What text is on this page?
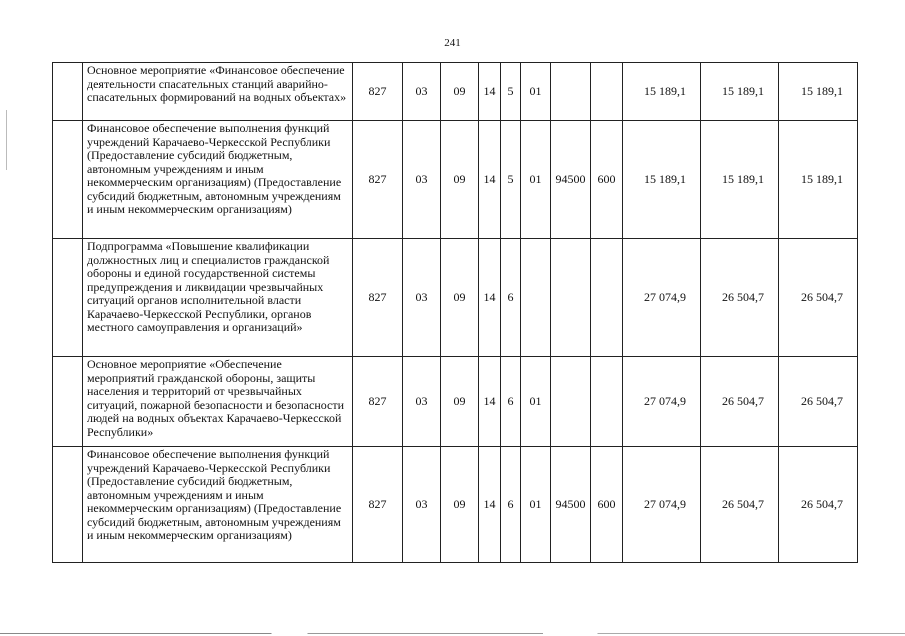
241
	Основное мероприятие «Финансовое обеспечение деятельности спасательных станций аварийно-спасательных формирований на водных объектах»	827	03	09	14	5	01			15 189,1	15 189,1	15 189,1
	Финансовое обеспечение выполнения функций учреждений Карачаево-Черкесской Республики (Предоставление субсидий бюджетным, автономным учреждениям и иным некоммерческим организациям) (Предоставление субсидий бюджетным, автономным учреждениям и иным некоммерческим организациям)	827	03	09	14	5	01	94500	600	15 189,1	15 189,1	15 189,1
	Подпрограмма «Повышение квалификации должностных лиц и специалистов гражданской обороны и единой государственной системы предупреждения и ликвидации чрезвычайных ситуаций органов исполнительной власти Карачаево-Черкесской Республики, органов местного самоуправления и организаций»	827	03	09	14	6				27 074,9	26 504,7	26 504,7
	Основное мероприятие «Обеспечение мероприятий гражданской обороны, защиты населения и территорий от чрезвычайных ситуаций, пожарной безопасности и безопасности людей на водных объектах Карачаево-Черкесской Республики»	827	03	09	14	6	01			27 074,9	26 504,7	26 504,7
	Финансовое обеспечение выполнения функций учреждений Карачаево-Черкесской Республики (Предоставление субсидий бюджетным, автономным учреждениям и иным некоммерческим организациям) (Предоставление субсидий бюджетным, автономным учреждениям и иным некоммерческим организациям)	827	03	09	14	6	01	94500	600	27 074,9	26 504,7	26 504,7
